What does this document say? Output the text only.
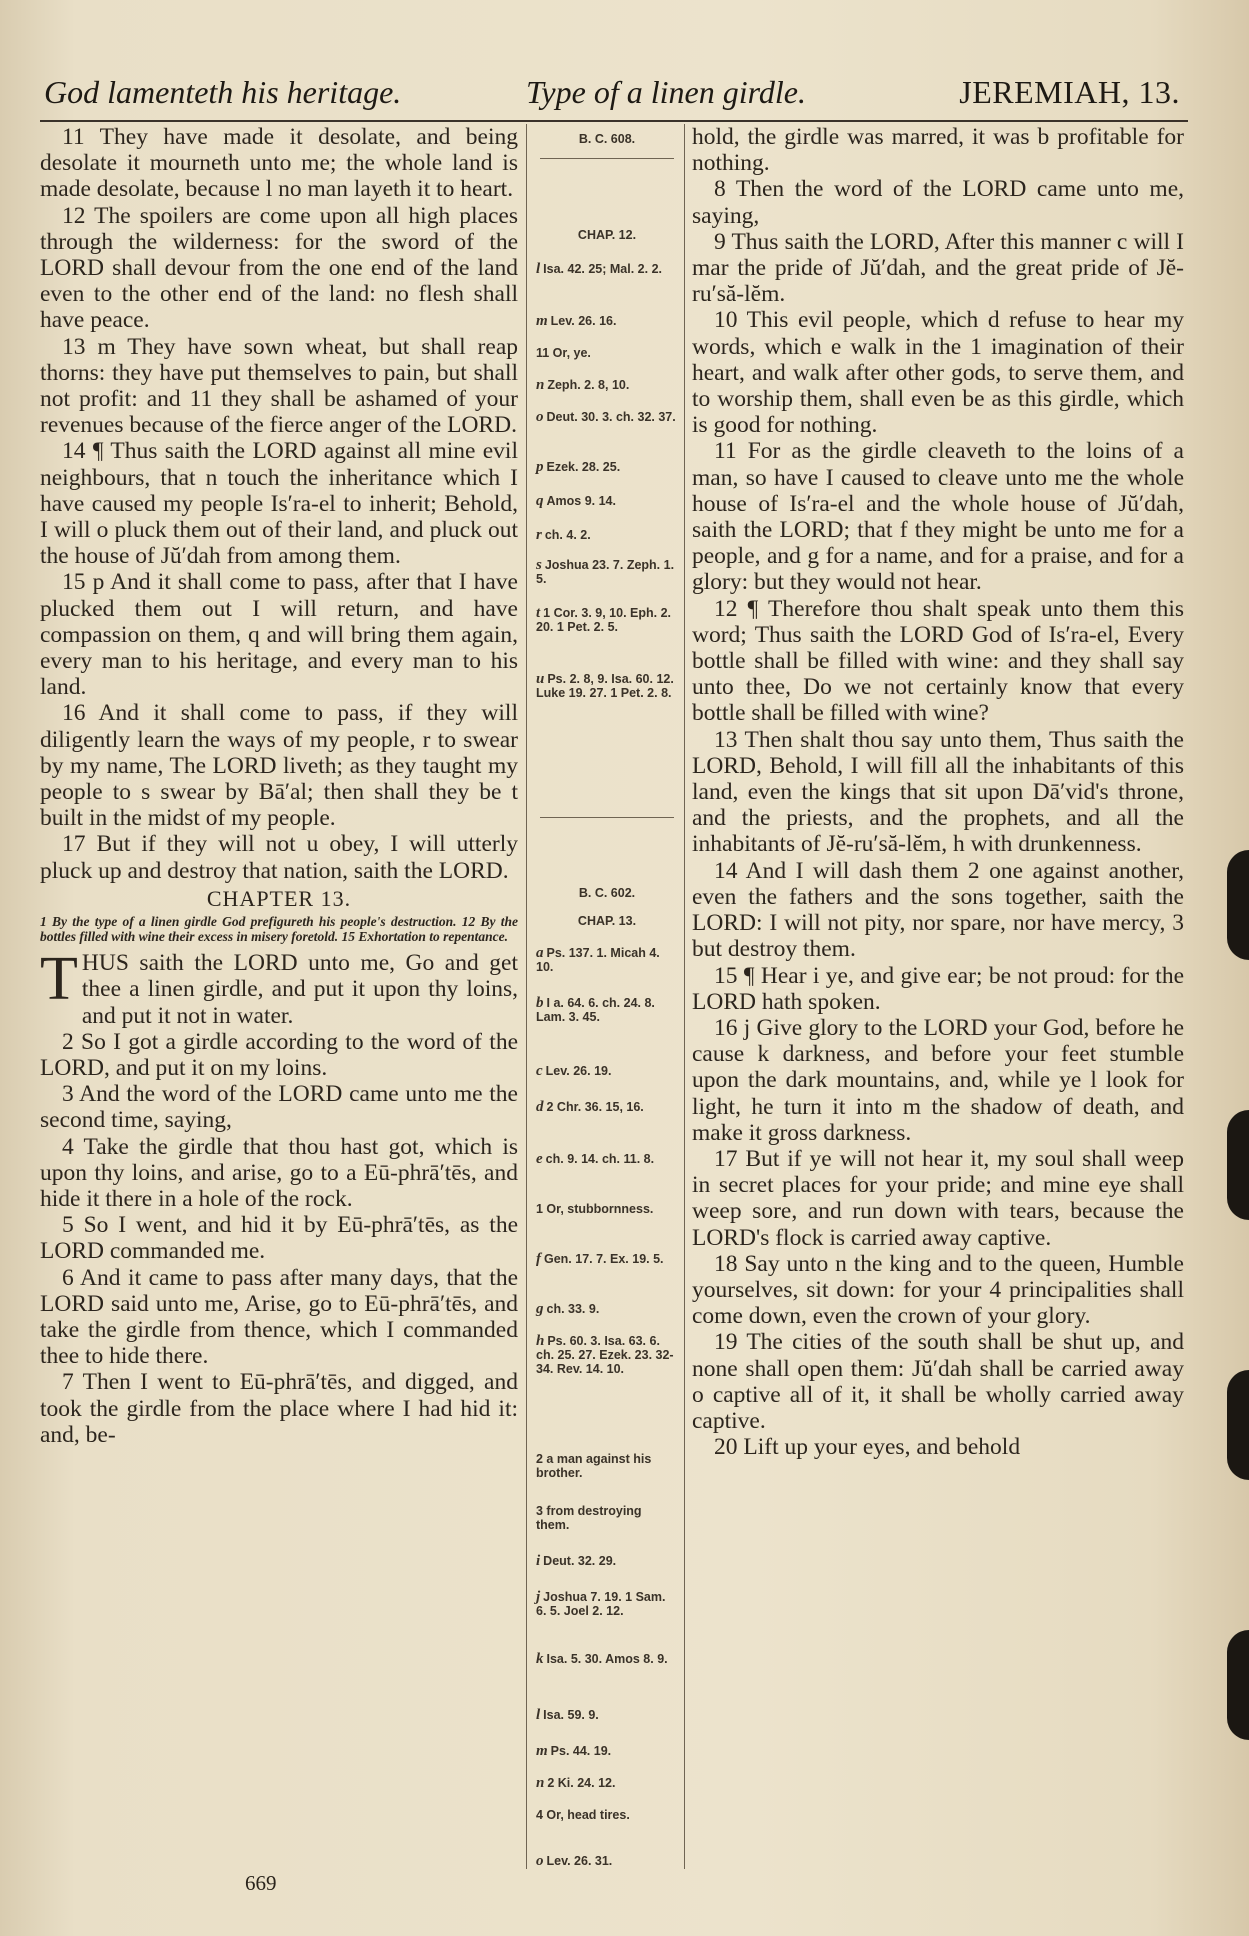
God lamenteth his heritage.	Type of a linen girdle.	JEREMIAH, 13.

11 They have made it desolate, and being desolate it mourneth unto me; the whole land is made desolate, because l no man layeth it to heart.

12 The spoilers are come upon all high places through the wilderness: for the sword of the LORD shall devour from the one end of the land even to the other end of the land: no flesh shall have peace.

13 m They have sown wheat, but shall reap thorns: they have put themselves to pain, but shall not profit: and 11 they shall be ashamed of your revenues because of the fierce anger of the LORD.

14 ¶ Thus saith the LORD against all mine evil neighbours, that n touch the inheritance which I have caused my people Is′ra-el to inherit; Behold, I will o pluck them out of their land, and pluck out the house of Jŭ′dah from among them.

15 p And it shall come to pass, after that I have plucked them out I will return, and have compassion on them, q and will bring them again, every man to his heritage, and every man to his land.

16 And it shall come to pass, if they will diligently learn the ways of my people, r to swear by my name, The LORD liveth; as they taught my people to s swear by Bā′al; then shall they be t built in the midst of my people.

17 But if they will not u obey, I will utterly pluck up and destroy that nation, saith the LORD.

CHAPTER 13.

1 By the type of a linen girdle God prefigureth his people's destruction. 12 By the bottles filled with wine their excess in misery foretold. 15 Exhortation to repentance.

THUS saith the LORD unto me, Go and get thee a linen girdle, and put it upon thy loins, and put it not in water.

2 So I got a girdle according to the word of the LORD, and put it on my loins.

3 And the word of the LORD came unto me the second time, saying,

4 Take the girdle that thou hast got, which is upon thy loins, and arise, go to a Eū-phrā′tēs, and hide it there in a hole of the rock.

5 So I went, and hid it by Eū-phrā′tēs, as the LORD commanded me.

6 And it came to pass after many days, that the LORD said unto me, Arise, go to Eū-phrā′tēs, and take the girdle from thence, which I commanded thee to hide there.

7 Then I went to Eū-phrā′tēs, and digged, and took the girdle from the place where I had hid it: and, be-

B. C. 608.
CHAP. 12.
l Isa. 42. 25; Mal. 2. 2.
m Lev. 26. 16.
11 Or, ye.
n Zeph. 2. 8, 10.
o Deut. 30. 3. ch. 32. 37.
p Ezek. 28. 25.
q Amos 9. 14.
r ch. 4. 2.
s Joshua 23. 7. Zeph. 1. 5.
t 1 Cor. 3. 9, 10. Eph. 2. 20. 1 Pet. 2. 5.
u Ps. 2. 8, 9. Isa. 60. 12. Luke 19. 27. 1 Pet. 2. 8.
B. C. 602.
CHAP. 13.
a Ps. 137. 1. Micah 4. 10.
b I a. 64. 6. ch. 24. 8. Lam. 3. 45.
c Lev. 26. 19.
d 2 Chr. 36. 15, 16.
e ch. 9. 14. ch. 11. 8.
1 Or, stubbornness.
f Gen. 17. 7. Ex. 19. 5.
g ch. 33. 9.
h Ps. 60. 3. Isa. 63. 6. ch. 25. 27. Ezek. 23. 32-34. Rev. 14. 10.
2 a man against his brother.
3 from destroying them.
i Deut. 32. 29.
j Joshua 7. 19. 1 Sam. 6. 5. Joel 2. 12.
k Isa. 5. 30. Amos 8. 9.
l Isa. 59. 9.
m Ps. 44. 19.
n 2 Ki. 24. 12.
4 Or, head tires.
o Lev. 26. 31.

hold, the girdle was marred, it was b profitable for nothing.

8 Then the word of the LORD came unto me, saying,

9 Thus saith the LORD, After this manner c will I mar the pride of Jŭ′dah, and the great pride of Jĕ-ru′să-lĕm.

10 This evil people, which d refuse to hear my words, which e walk in the 1 imagination of their heart, and walk after other gods, to serve them, and to worship them, shall even be as this girdle, which is good for nothing.

11 For as the girdle cleaveth to the loins of a man, so have I caused to cleave unto me the whole house of Is′ra-el and the whole house of Jŭ′dah, saith the LORD; that f they might be unto me for a people, and g for a name, and for a praise, and for a glory: but they would not hear.

12 ¶ Therefore thou shalt speak unto them this word; Thus saith the LORD God of Is′ra-el, Every bottle shall be filled with wine: and they shall say unto thee, Do we not certainly know that every bottle shall be filled with wine?

13 Then shalt thou say unto them, Thus saith the LORD, Behold, I will fill all the inhabitants of this land, even the kings that sit upon Dā′vid's throne, and the priests, and the prophets, and all the inhabitants of Jĕ-ru′să-lĕm, h with drunkenness.

14 And I will dash them 2 one against another, even the fathers and the sons together, saith the LORD: I will not pity, nor spare, nor have mercy, 3 but destroy them.

15 ¶ Hear i ye, and give ear; be not proud: for the LORD hath spoken.

16 j Give glory to the LORD your God, before he cause k darkness, and before your feet stumble upon the dark mountains, and, while ye l look for light, he turn it into m the shadow of death, and make it gross darkness.

17 But if ye will not hear it, my soul shall weep in secret places for your pride; and mine eye shall weep sore, and run down with tears, because the LORD's flock is carried away captive.

18 Say unto n the king and to the queen, Humble yourselves, sit down: for your 4 principalities shall come down, even the crown of your glory.

19 The cities of the south shall be shut up, and none shall open them: Jŭ′dah shall be carried away o captive all of it, it shall be wholly carried away captive.

20 Lift up your eyes, and behold

669
